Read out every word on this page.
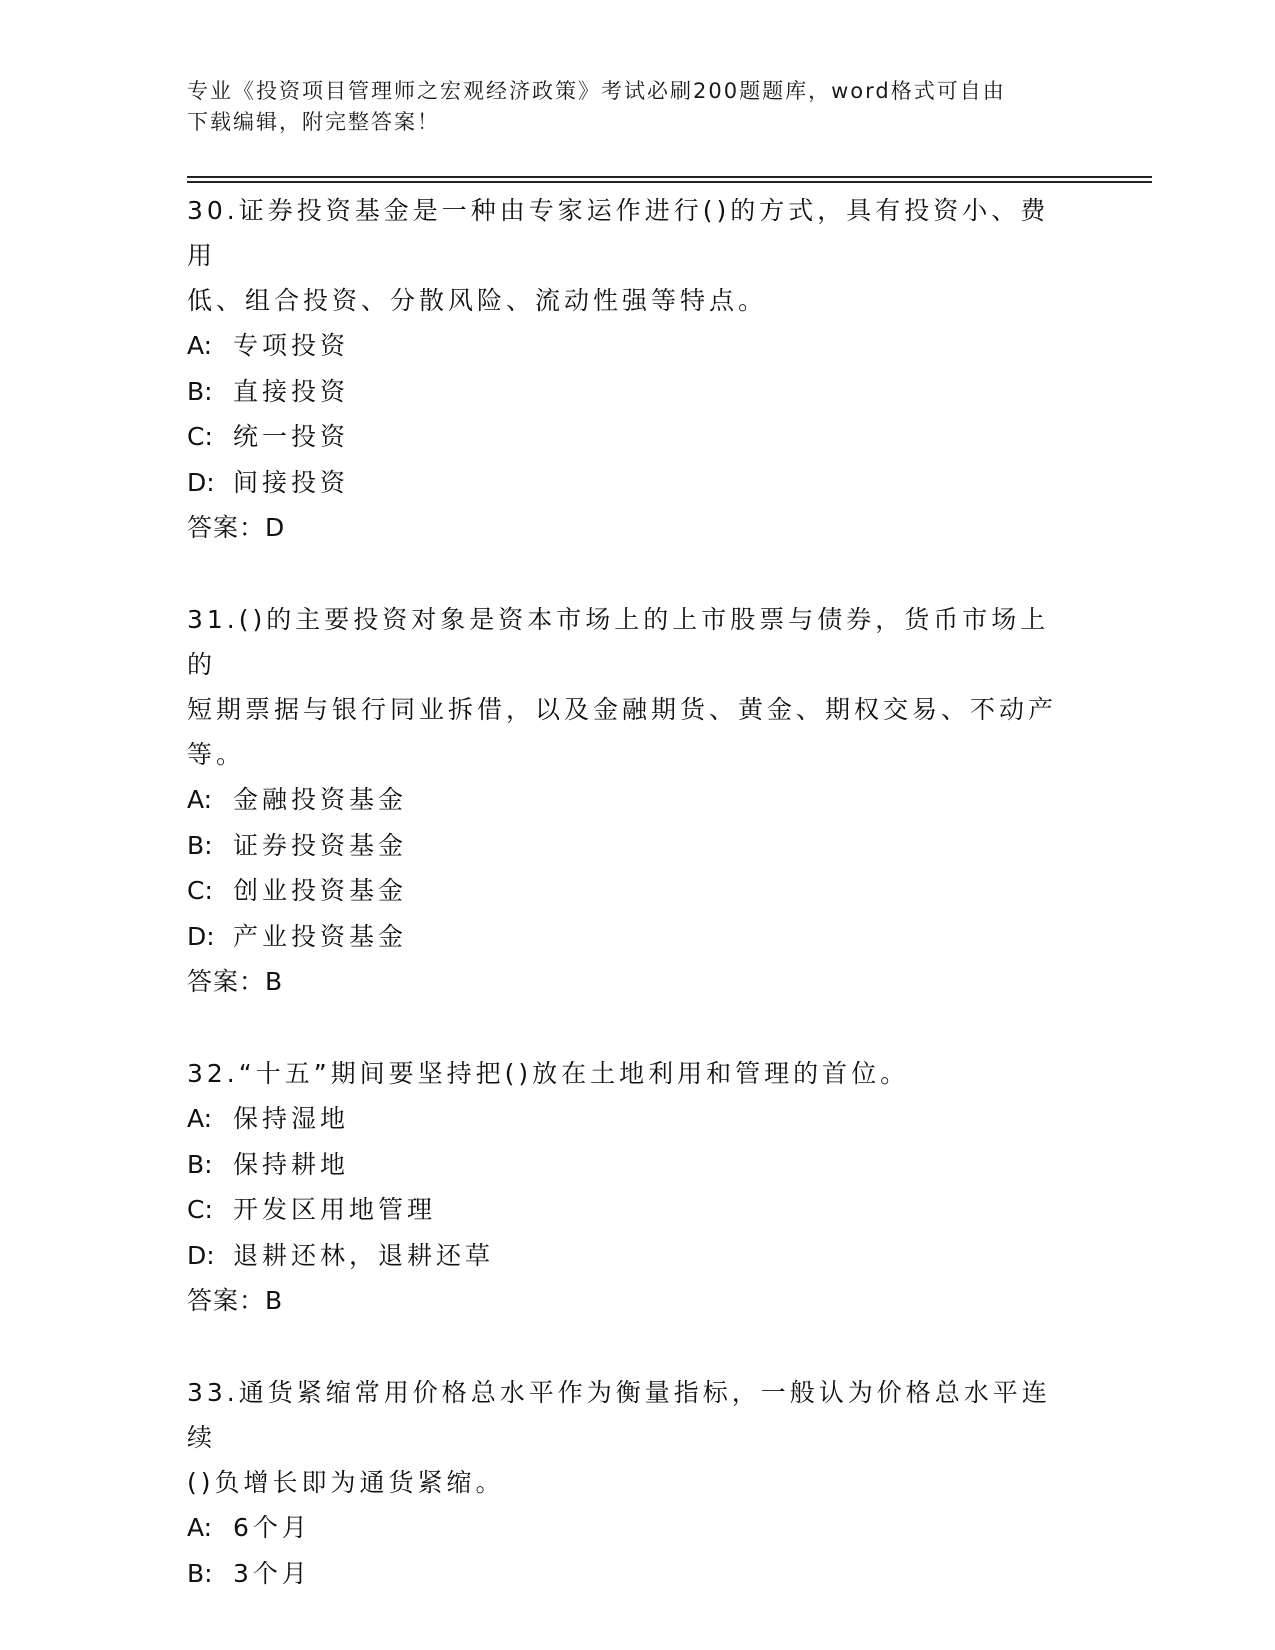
专业《投资项目管理师之宏观经济政策》考试必刷200题题库，word格式可自由
下载编辑，附完整答案！
30.证券投资基金是一种由专家运作进行()的方式，具有投资小、费用
低、组合投资、分散风险、流动性强等特点。
A: 专项投资
B: 直接投资
C: 统一投资
D: 间接投资
答案：D
31.()的主要投资对象是资本市场上的上市股票与债券，货币市场上的
短期票据与银行同业拆借，以及金融期货、黄金、期权交易、不动产
等。
A: 金融投资基金
B: 证券投资基金
C: 创业投资基金
D: 产业投资基金
答案：B
32.“十五”期间要坚持把()放在土地利用和管理的首位。
A: 保持湿地
B: 保持耕地
C: 开发区用地管理
D: 退耕还林，退耕还草
答案：B
33.通货紧缩常用价格总水平作为衡量指标，一般认为价格总水平连续
()负增长即为通货紧缩。
A: 6个月
B: 3个月
